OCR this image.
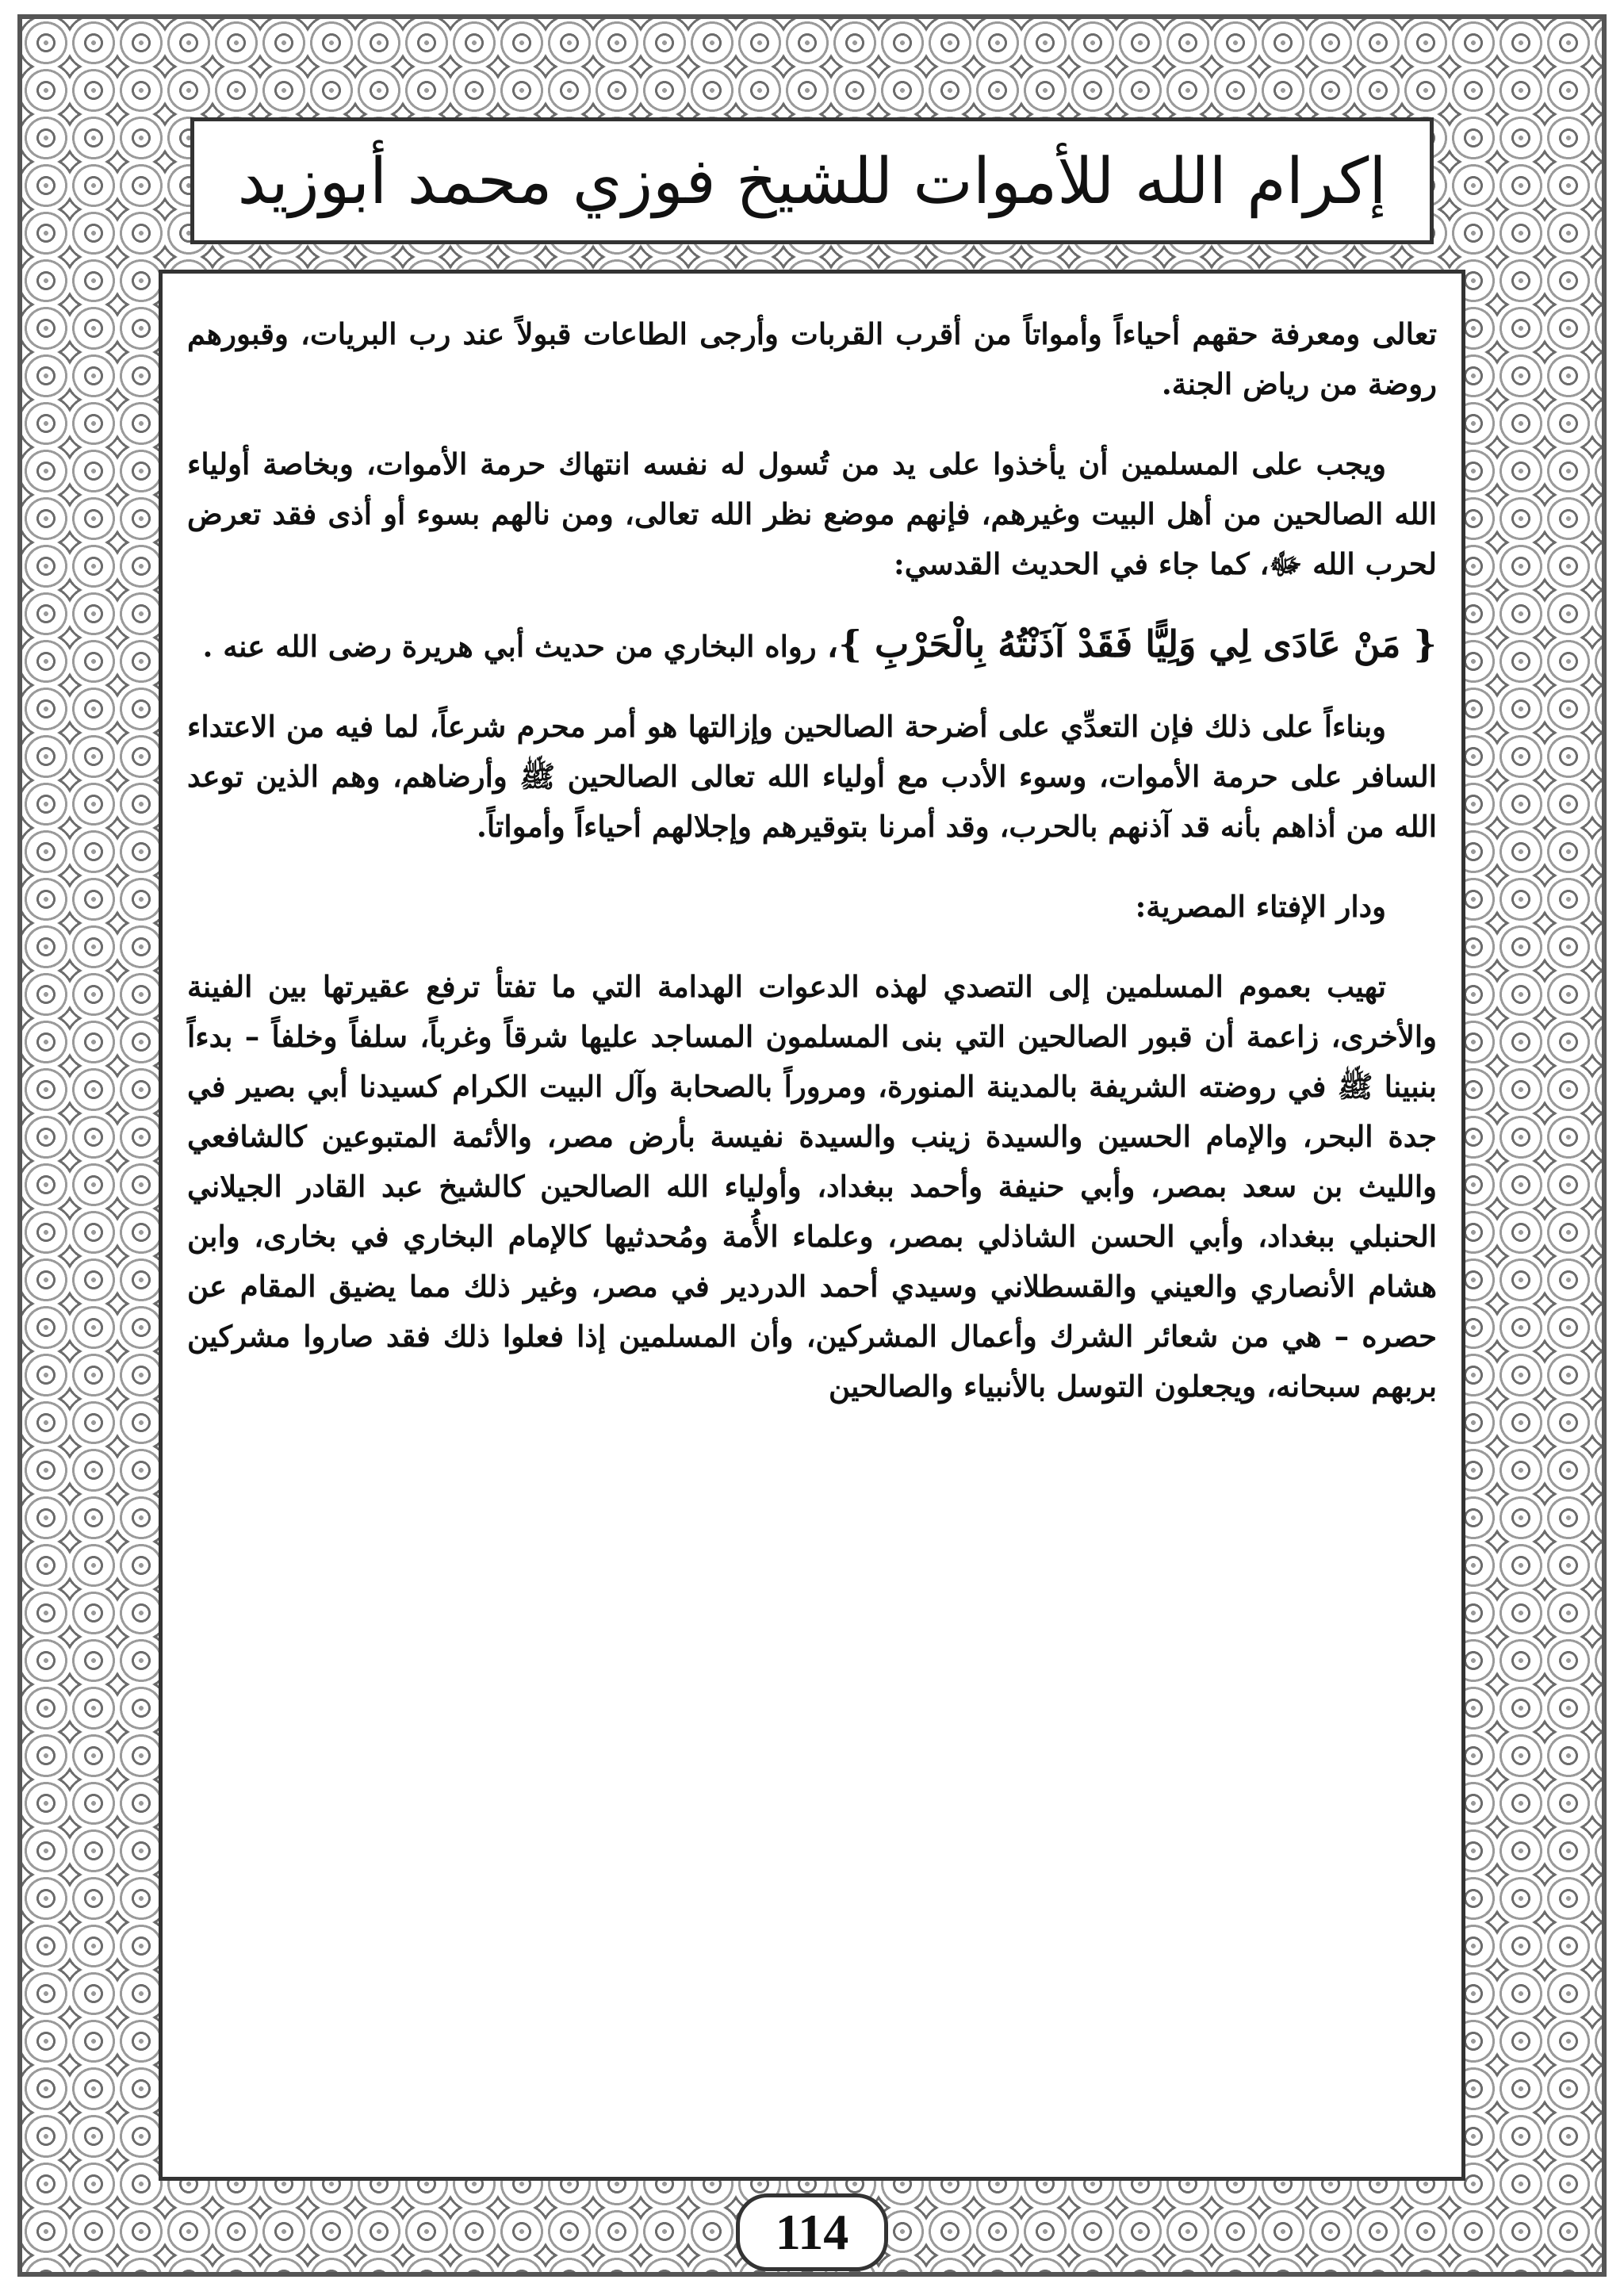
إكرام الله للأموات للشيخ فوزي محمد أبوزيد

تعالى ومعرفة حقهم أحياءاً وأمواتاً من أقرب القربات وأرجى الطاعات قبولاً عند رب البريات، وقبورهم روضة من رياض الجنة.

ويجب على المسلمين أن يأخذوا على يد من تُسول له نفسه انتهاك حرمة الأموات، وبخاصة أولياء الله الصالحين من أهل البيت وغيرهم، فإنهم موضع نظر الله تعالى، ومن نالهم بسوء أو أذى فقد تعرض لحرب الله ﷻ، كما جاء في الحديث القدسي:

{ مَنْ عَادَى لِي وَلِيًّا فَقَدْ آذَنْتُهُ بِالْحَرْبِ }، رواه البخاري من حديث أبي هريرة رضى الله عنه .

وبناءاً على ذلك فإن التعدِّي على أضرحة الصالحين وإزالتها هو أمر محرم شرعاً، لما فيه من الاعتداء السافر على حرمة الأموات، وسوء الأدب مع أولياء الله تعالى الصالحين ﷺ وأرضاهم، وهم الذين توعد الله من أذاهم بأنه قد آذنهم بالحرب، وقد أمرنا بتوقيرهم وإجلالهم أحياءاً وأمواتاً.

ودار الإفتاء المصرية:

تهيب بعموم المسلمين إلى التصدي لهذه الدعوات الهدامة التي ما تفتأ ترفع عقيرتها بين الفينة والأخرى، زاعمة أن قبور الصالحين التي بنى المسلمون المساجد عليها شرقاً وغرباً، سلفاً وخلفاً – بدءاً بنبينا ﷺ في روضته الشريفة بالمدينة المنورة، ومروراً بالصحابة وآل البيت الكرام كسيدنا أبي بصير في جدة البحر، والإمام الحسين والسيدة زينب والسيدة نفيسة بأرض مصر، والأئمة المتبوعين كالشافعي والليث بن سعد بمصر، وأبي حنيفة وأحمد ببغداد، وأولياء الله الصالحين كالشيخ عبد القادر الجيلاني الحنبلي ببغداد، وأبي الحسن الشاذلي بمصر، وعلماء الأُمة ومُحدثيها كالإمام البخاري في بخارى، وابن هشام الأنصاري والعيني والقسطلاني وسيدي أحمد الدردير في مصر، وغير ذلك مما يضيق المقام عن حصره – هي من شعائر الشرك وأعمال المشركين، وأن المسلمين إذا فعلوا ذلك فقد صاروا مشركين بربهم سبحانه، ويجعلون التوسل بالأنبياء والصالحين

114
